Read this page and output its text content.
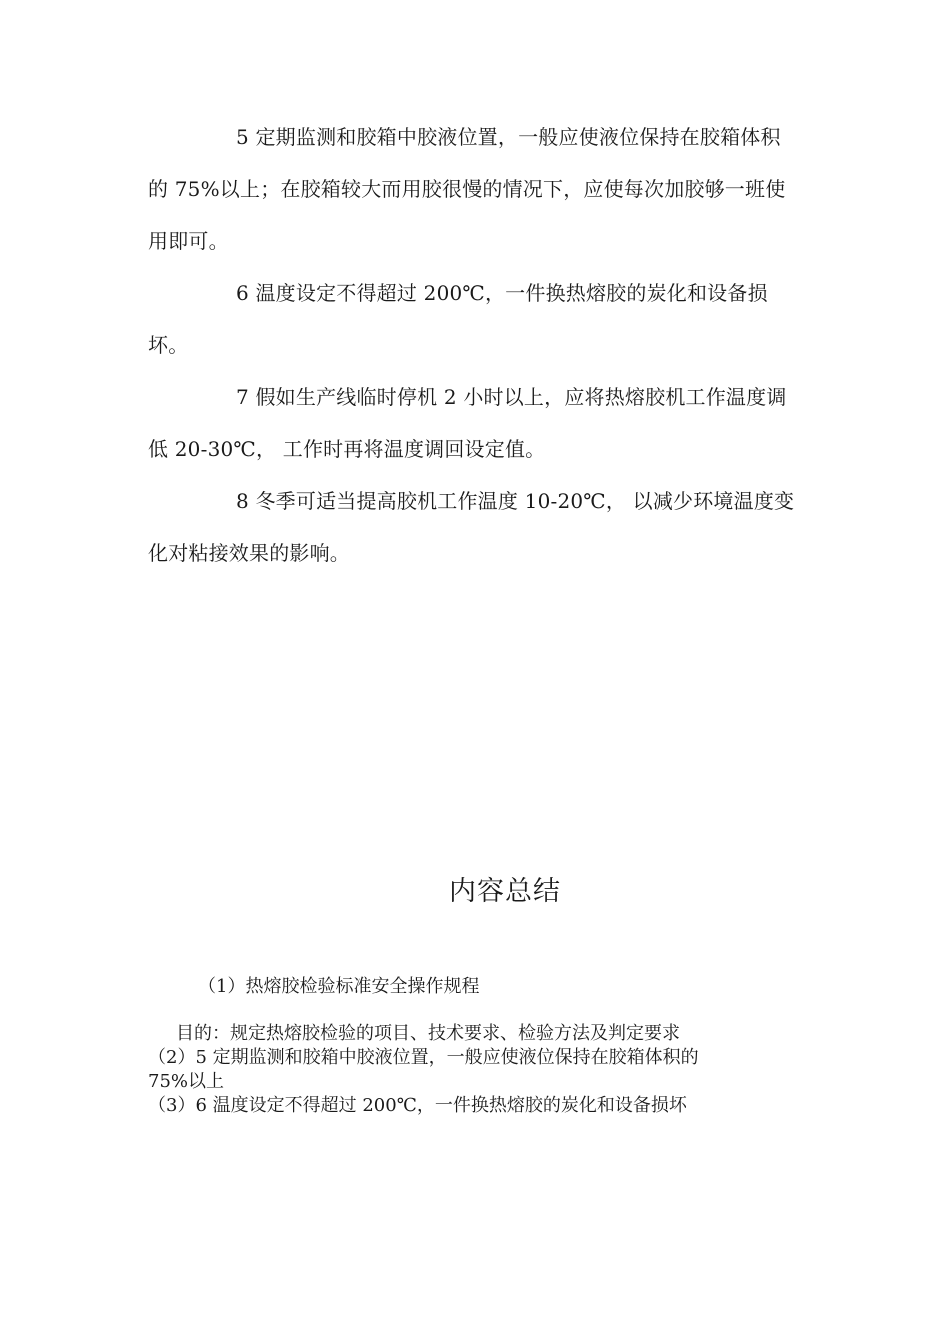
5 定期监测和胶箱中胶液位置，一般应使液位保持在胶箱体积的 75%以上；在胶箱较大而用胶很慢的情况下，应使每次加胶够一班使用即可。

6 温度设定不得超过 200℃，一件换热熔胶的炭化和设备损坏。

7 假如生产线临时停机 2 小时以上，应将热熔胶机工作温度调低 20-30℃， 工作时再将温度调回设定值。

8 冬季可适当提高胶机工作温度 10-20℃， 以减少环境温度变化对粘接效果的影响。

内容总结

（1）热熔胶检验标准安全操作规程

目的：规定热熔胶检验的项目、技术要求、检验方法及判定要求
（2）5 定期监测和胶箱中胶液位置，一般应使液位保持在胶箱体积的
75%以上
（3）6 温度设定不得超过 200℃，一件换热熔胶的炭化和设备损坏
